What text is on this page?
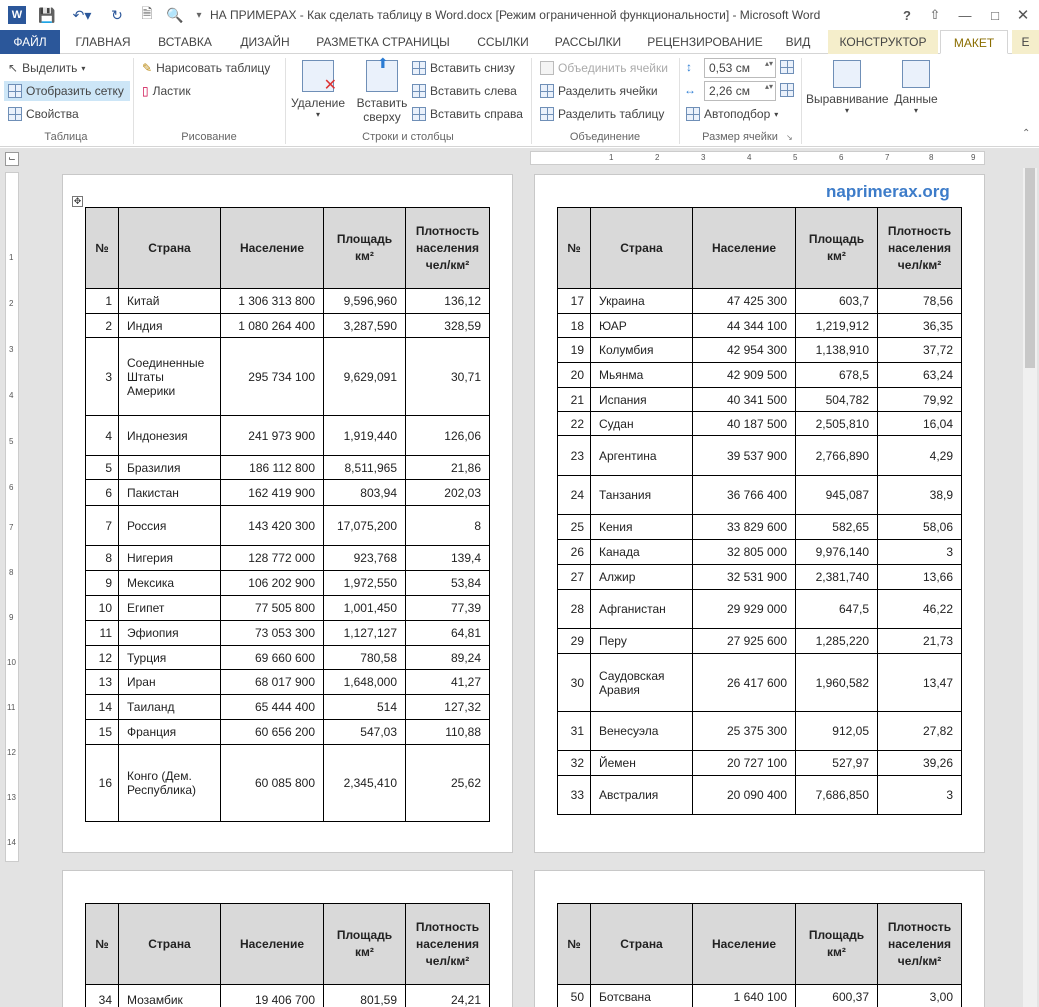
W 💾	↶▾	↻	🗎 🔍	▾ НА ПРИМЕРАХ - Как сделать таблицу в Word.docx [Режим ограниченной функциональности] - Microsoft Word	?	⇧	—	□	✕
ФАЙЛ	ГЛАВНАЯ	ВСТАВКА	ДИЗАЙН	РАЗМЕТКА СТРАНИЦЫ	ССЫЛКИ	РАССЫЛКИ	РЕЦЕНЗИРОВАНИЕ	ВИД	КОНСТРУКТОР	МАКЕТ	E
↖ Выделить ▾
Отобразить сетку
Свойства
Таблица
✎ Нарисовать таблицу
▯ Ластик
Рисование
✕
Удаление
▾
⬆
Вставить
сверху
Вставить снизу
Вставить слева
Вставить справа
Строки и столбцы
Объединить ячейки
Разделить ячейки
Разделить таблицу
Объединение
↕	0,53 см ▴▾
↔	2,26 см ▴▾
Автоподбор ▾
Размер ячейки	↘
Выравнивание
▾
Данные
▾
⌃
⌙	1	2	3	4	5	6	7	8	9
1
2
3
4
5
6
7
8
9
10
11
12
13
14
✥	naprimerax.org
№	Страна	Население	Площадь км²	Плотность населения чел/км²
1	Китай	1 306 313 800	9,596,960	136,12
2	Индия	1 080 264 400	3,287,590	328,59
3	Соединенные Штаты Америки	295 734 100	9,629,091	30,71
4	Индонезия	241 973 900	1,919,440	126,06
5	Бразилия	186 112 800	8,511,965	21,86
6	Пакистан	162 419 900	803,94	202,03
7	Россия	143 420 300	17,075,200	8
8	Нигерия	128 772 000	923,768	139,4
9	Мексика	106 202 900	1,972,550	53,84
10	Египет	77 505 800	1,001,450	77,39
11	Эфиопия	73 053 300	1,127,127	64,81
12	Турция	69 660 600	780,58	89,24
13	Иран	68 017 900	1,648,000	41,27
14	Таиланд	65 444 400	514	127,32
15	Франция	60 656 200	547,03	110,88
16	Конго (Дем. Республика)	60 085 800	2,345,410	25,62
№	Страна	Население	Площадь км²	Плотность населения чел/км²
17	Украина	47 425 300	603,7	78,56
18	ЮАР	44 344 100	1,219,912	36,35
19	Колумбия	42 954 300	1,138,910	37,72
20	Мьянма	42 909 500	678,5	63,24
21	Испания	40 341 500	504,782	79,92
22	Судан	40 187 500	2,505,810	16,04
23	Аргентина	39 537 900	2,766,890	4,29
24	Танзания	36 766 400	945,087	38,9
25	Кения	33 829 600	582,65	58,06
26	Канада	32 805 000	9,976,140	3
27	Алжир	32 531 900	2,381,740	13,66
28	Афганистан	29 929 000	647,5	46,22
29	Перу	27 925 600	1,285,220	21,73
30	Саудовская Аравия	26 417 600	1,960,582	13,47
31	Венесуэла	25 375 300	912,05	27,82
32	Йемен	20 727 100	527,97	39,26
33	Австралия	20 090 400	7,686,850	3
№	Страна	Население	Площадь км²	Плотность населения чел/км²
34	Мозамбик	19 406 700	801,59	24,21
№	Страна	Население	Площадь км²	Плотность населения чел/км²
50	Ботсвана	1 640 100	600,37	3,00
